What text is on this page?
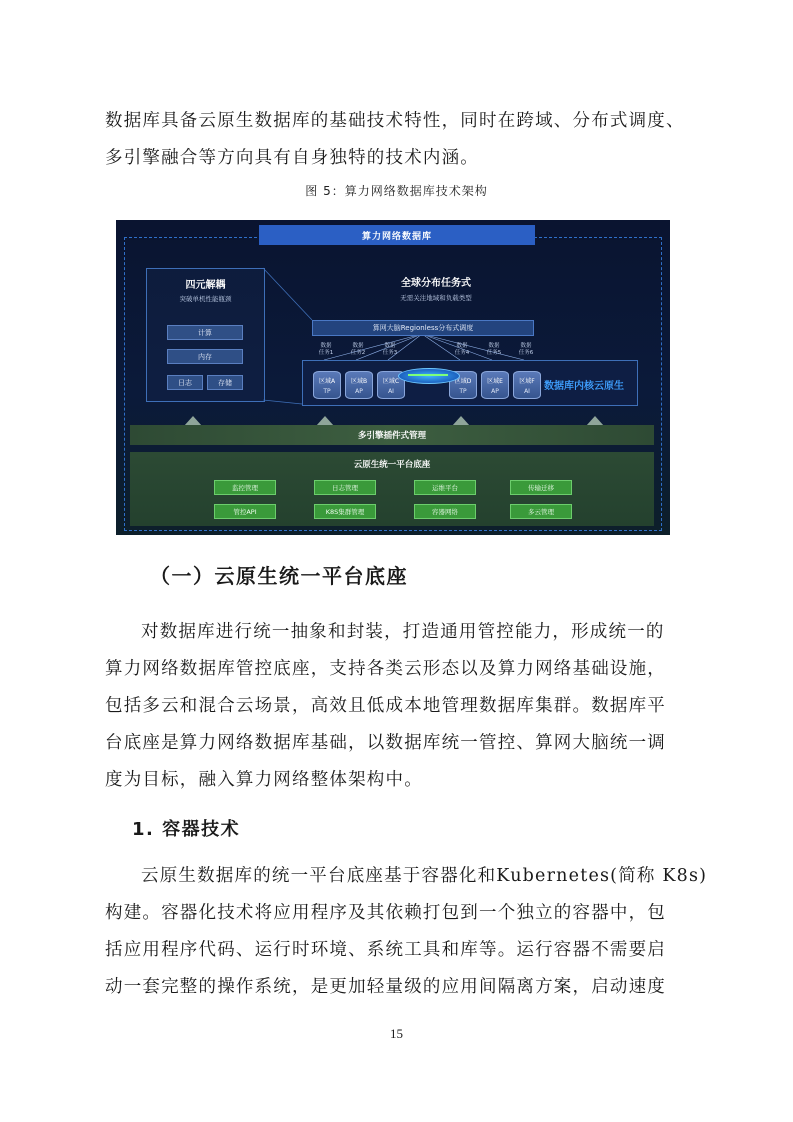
数据库具备云原生数据库的基础技术特性，同时在跨域、分布式调度、
多引擎融合等方向具有自身独特的技术内涵。
图 5：算力网络数据库技术架构
算力网络数据库
四元解耦
突破单机性能瓶颈
计算
内存
日志	存储
全球分布任务式
无需关注地域和负载类型
算网大脑Regionless分布式调度
数据
任务1
数据
任务2
数据
任务3
数据
任务4
数据
任务5
数据
任务6
区域A
TP
区域B
AP
区域C
AI
区域D
TP
区域E
AP
区域F
AI	数据库内核云原生
多引擎插件式管理
云原生统一平台底座
监控管理	日志管理	运维平台	传输迁移
管控API	K8S集群管理	容器网络	多云管理
（一）云原生统一平台底座
对数据库进行统一抽象和封装，打造通用管控能力，形成统一的
算力网络数据库管控底座，支持各类云形态以及算力网络基础设施，
包括多云和混合云场景，高效且低成本地管理数据库集群。数据库平
台底座是算力网络数据库基础，以数据库统一管控、算网大脑统一调
度为目标，融入算力网络整体架构中。
1. 容器技术
云原生数据库的统一平台底座基于容器化和Kubernetes(简称 K8s)
构建。容器化技术将应用程序及其依赖打包到一个独立的容器中，包
括应用程序代码、运行时环境、系统工具和库等。运行容器不需要启
动一套完整的操作系统，是更加轻量级的应用间隔离方案，启动速度
15
